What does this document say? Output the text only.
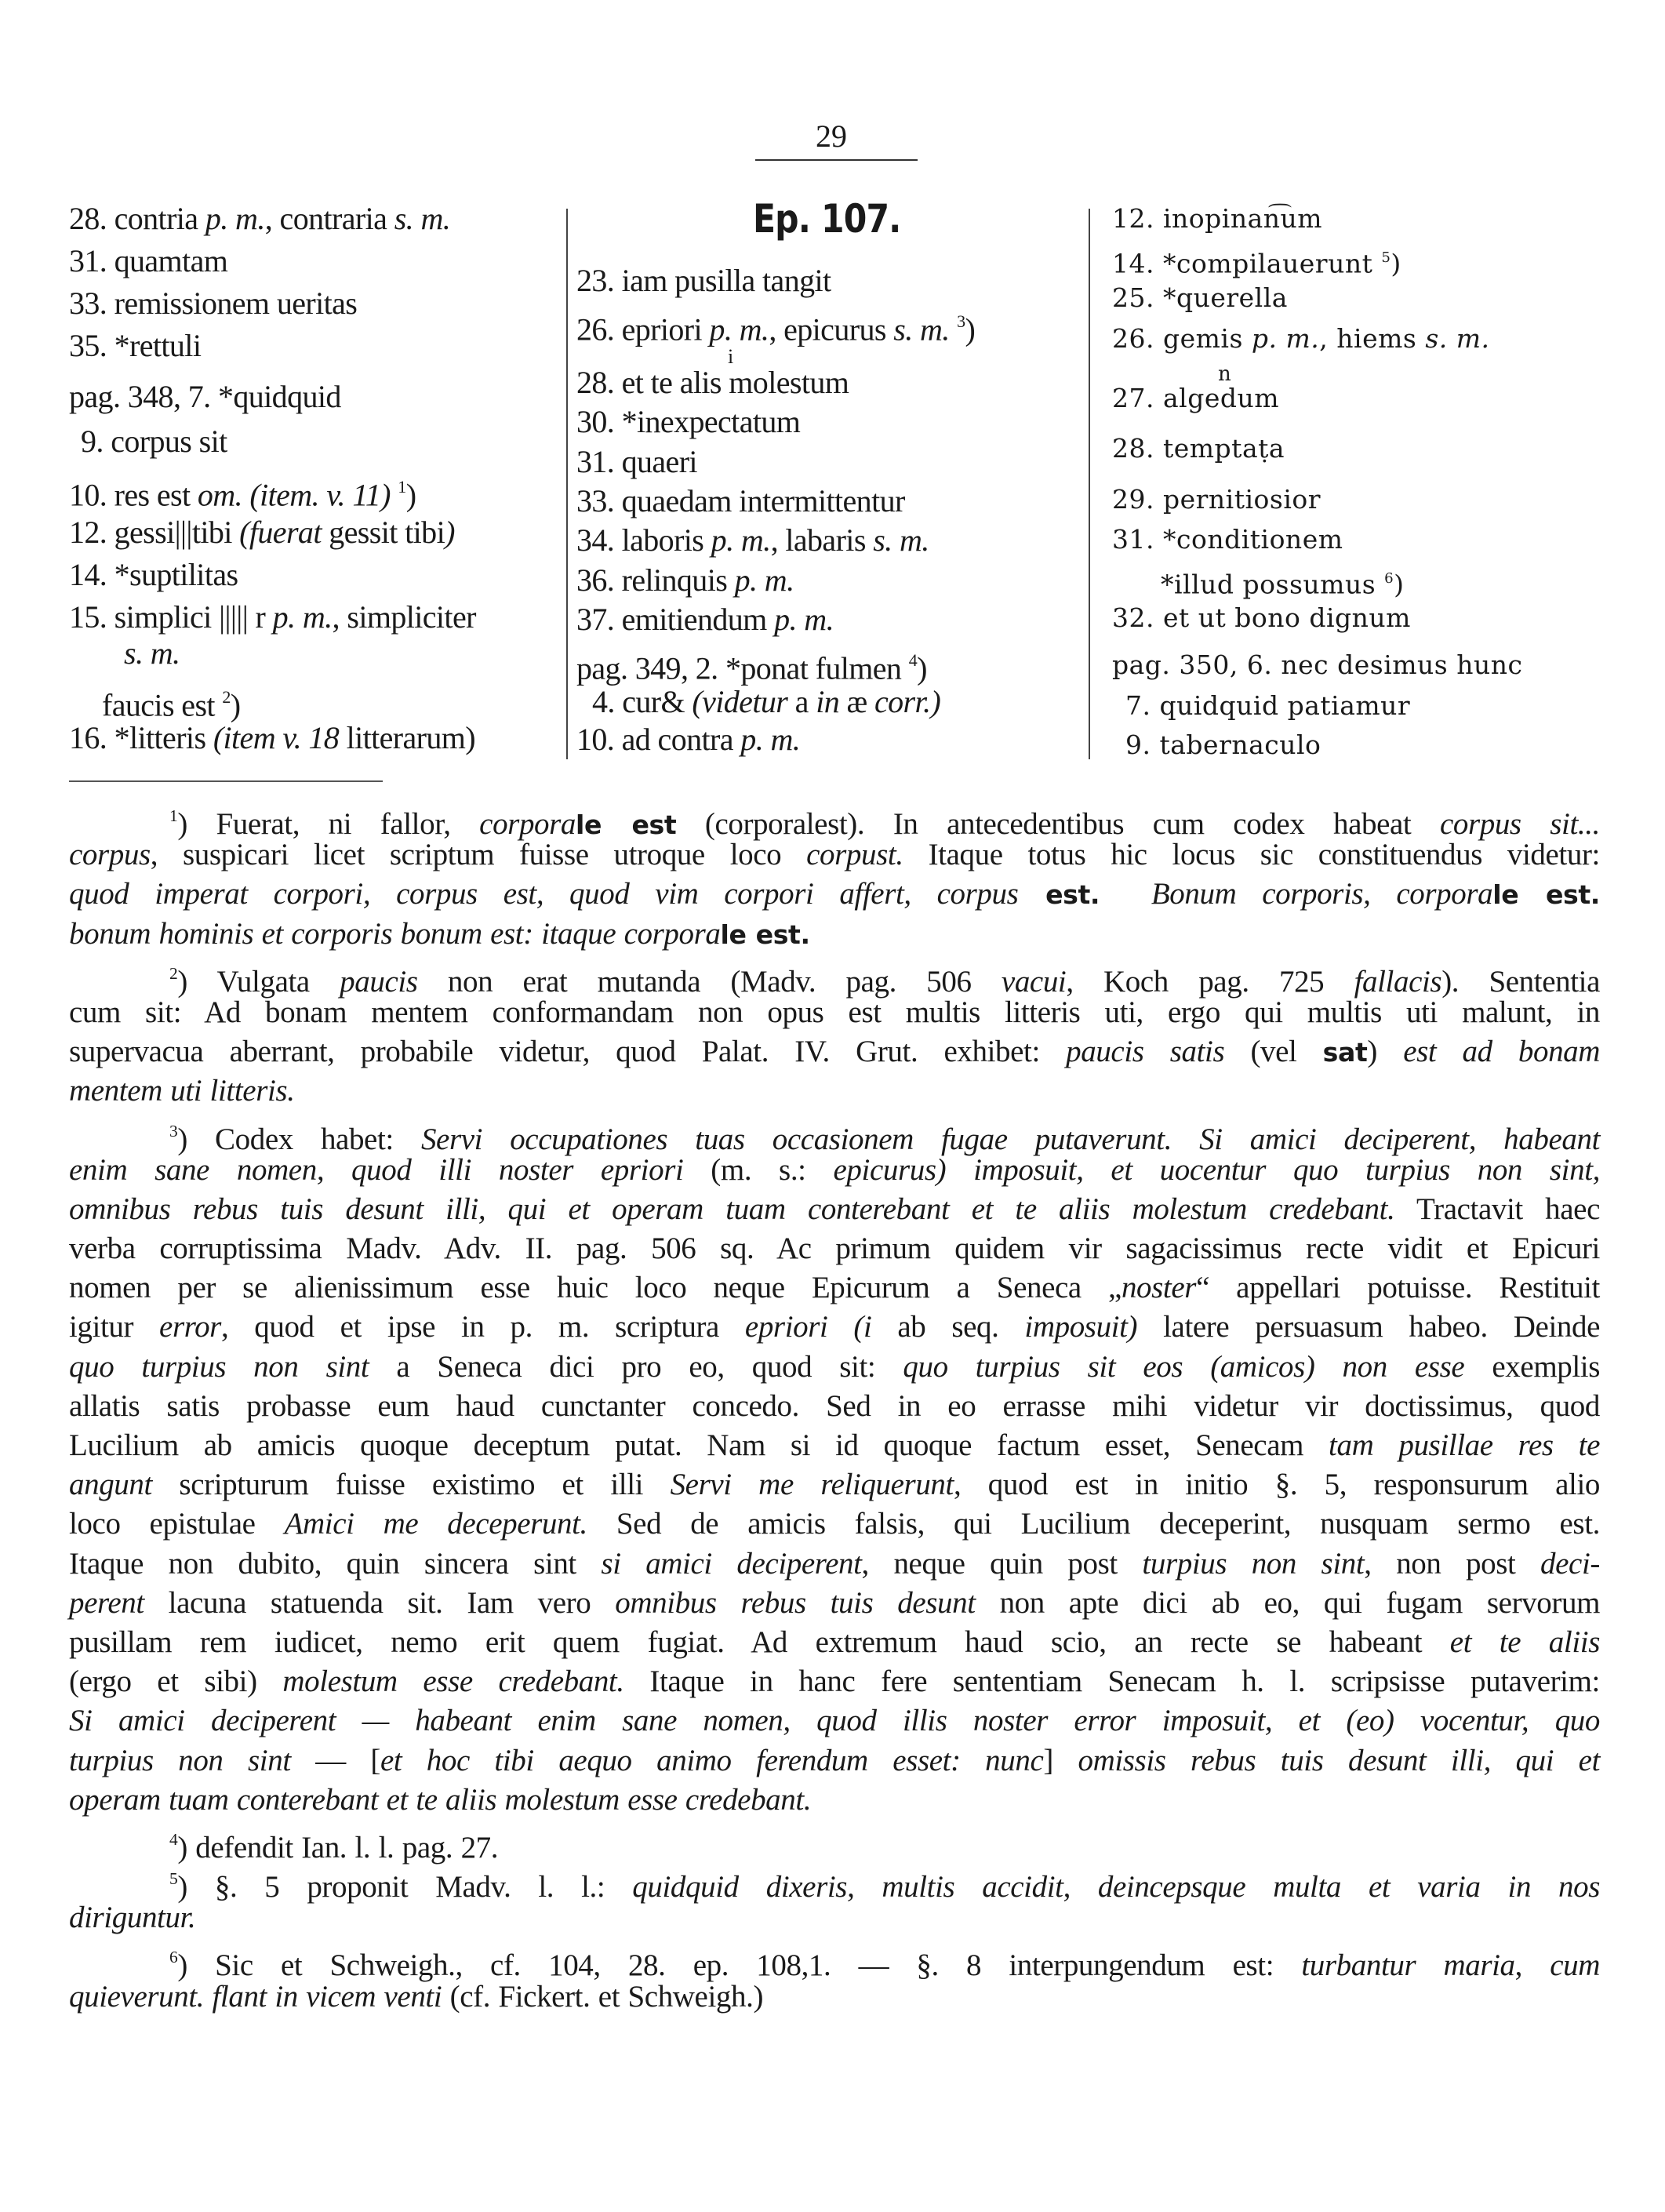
29
28. contria p. m., contraria s. m.
31. quamtam
33. remissionem ueritas
35. *rettuli
pag. 348, 7. *quidquid
9. corpus sit
10. res est om. (item. v. 11) $^1$)
12. gessi|||tibi (fuerat gessit tibi)
14. *suptilitas
15. simplici ||||| r p. m., simpliciter
s. m.
faucis est $^2$)
16. *litteris (item v. 18 litterarum)
Ep. 107.
23. iam pusilla tangit
26. epriori p. m., epicurus s. m. $^3$)
i
28. et te alis molestum
30. *inexpectatum
31. quaeri
33. quaedam intermittentur
34. laboris p. m., labaris s. m.
36. relinquis p. m.
37. emitiendum p. m.
pag. 349, 2. *ponat fulmen $^4$)
4. cur& (videtur a in æ corr.)
10. ad contra p. m.
12. inopinan͡um
14. *compilauerunt $^5$)
25. *querella
26. gemis p. m., hiems s. m.
n
27. algedum
28. temptaṭa
29. pernitiosior
31. *conditionem
*illud possumus $^6$)
32. et ut bono dignum
pag. 350, 6. nec desimus hunc
7. quidquid patiamur
9. tabernaculo
$^1$) Fuerat, ni fallor, corporale est (corporalest). In antecedentibus cum codex habeat corpus sit...
corpus, suspicari licet scriptum fuisse utroque loco corpust. Itaque totus hic locus sic constituendus videtur:
quod imperat corpori, corpus est, quod vim corpori affert, corpus est. Bonum corporis, corporale est.
bonum hominis et corporis bonum est: itaque corporale est.
$^2$) Vulgata paucis non erat mutanda (Madv. pag. 506 vacui, Koch pag. 725 fallacis). Sententia
cum sit: Ad bonam mentem conformandam non opus est multis litteris uti, ergo qui multis uti malunt, in
supervacua aberrant, probabile videtur, quod Palat. IV. Grut. exhibet: paucis satis (vel sat) est ad bonam
mentem uti litteris.
$^3$) Codex habet: Servi occupationes tuas occasionem fugae putaverunt. Si amici deciperent, habeant
enim sane nomen, quod illi noster epriori (m. s.: epicurus) imposuit, et uocentur quo turpius non sint,
omnibus rebus tuis desunt illi, qui et operam tuam conterebant et te aliis molestum credebant. Tractavit haec
verba corruptissima Madv. Adv. II. pag. 506 sq. Ac primum quidem vir sagacissimus recte vidit et Epicuri
nomen per se alienissimum esse huic loco neque Epicurum a Seneca „noster“ appellari potuisse. Restituit
igitur error, quod et ipse in p. m. scriptura epriori (i ab seq. imposuit) latere persuasum habeo. Deinde
quo turpius non sint a Seneca dici pro eo, quod sit: quo turpius sit eos (amicos) non esse exemplis
allatis satis probasse eum haud cunctanter concedo. Sed in eo errasse mihi videtur vir doctissimus, quod
Lucilium ab amicis quoque deceptum putat. Nam si id quoque factum esset, Senecam tam pusillae res te
angunt scripturum fuisse existimo et illi Servi me reliquerunt, quod est in initio §. 5, responsurum alio
loco epistulae Amici me deceperunt. Sed de amicis falsis, qui Lucilium deceperint, nusquam sermo est.
Itaque non dubito, quin sincera sint si amici deciperent, neque quin post turpius non sint, non post deci-
perent lacuna statuenda sit. Iam vero omnibus rebus tuis desunt non apte dici ab eo, qui fugam servorum
pusillam rem iudicet, nemo erit quem fugiat. Ad extremum haud scio, an recte se habeant et te aliis
(ergo et sibi) molestum esse credebant. Itaque in hanc fere sententiam Senecam h. l. scripsisse putaverim:
Si amici deciperent — habeant enim sane nomen, quod illis noster error imposuit, et (eo) vocentur, quo
turpius non sint — [et hoc tibi aequo animo ferendum esset: nunc] omissis rebus tuis desunt illi, qui et
operam tuam conterebant et te aliis molestum esse credebant.
$^4$) defendit Ian. l. l. pag. 27.
$^5$) §. 5 proponit Madv. l. l.: quidquid dixeris, multis accidit, deincepsque multa et varia in nos
diriguntur.
$^6$) Sic et Schweigh., cf. 104, 28. ep. 108,1. — §. 8 interpungendum est: turbantur maria, cum
quieverunt. flant in vicem venti (cf. Fickert. et Schweigh.)
